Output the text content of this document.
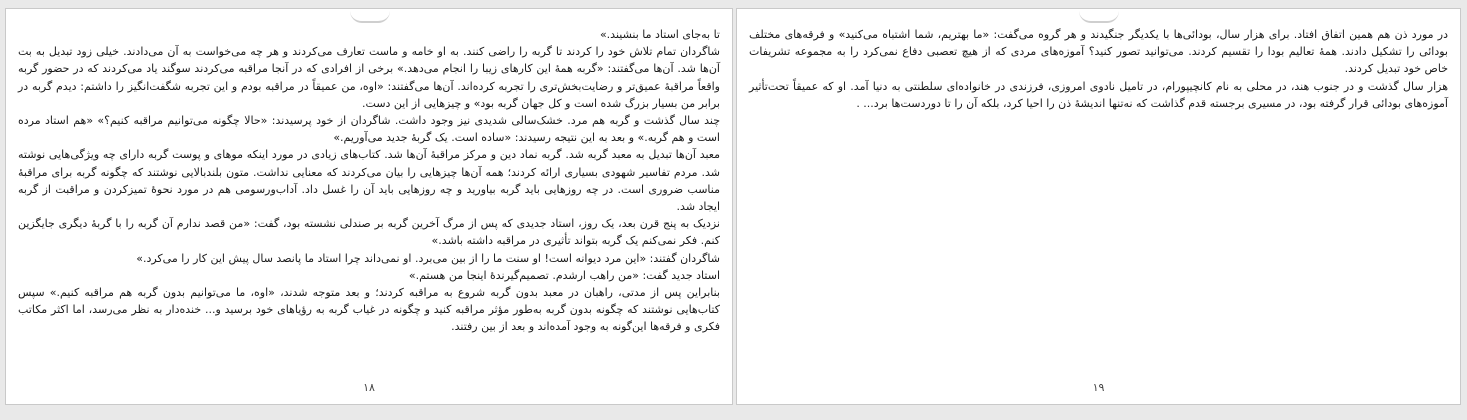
تا به‌جای استاد ما بنشیند.»

شاگردان تمام تلاش خود را کردند تا گربه را راضی کنند. به او خامه و ماست تعارف می‌کردند و هر چه می‌خواست به آن می‌دادند. خیلی زود تبدیل به بت آن‌ها شد. آن‌ها می‌گفتند: «گربه همهٔ این کارهای زیبا را انجام می‌دهد.» برخی از افرادی که در آنجا مراقبه می‌کردند سوگند یاد می‌کردند که در حضور گربه واقعاً مراقبهٔ عمیق‌تر و رضایت‌بخش‌تری را تجربه کرده‌اند. آن‌ها می‌گفتند: «اوه، من عمیقاً در مراقبه بودم و این تجربه شگفت‌انگیز را داشتم: دیدم گربه در برابر من بسیار بزرگ شده است و کل جهان گربه بود» و چیزهایی از این دست.

چند سال گذشت و گربه هم مرد. خشک‌سالی شدیدی نیز وجود داشت. شاگردان از خود پرسیدند: «حالا چگونه می‌توانیم مراقبه کنیم؟» «هم استاد مرده است و هم گربه.» و بعد به این نتیجه رسیدند: «ساده است. یک گربهٔ جدید می‌آوریم.»

معبد آن‌ها تبدیل به معبد گربه شد. گربه نماد دین و مرکز مراقبهٔ آن‌ها شد. کتاب‌های زیادی در مورد اینکه موهای و پوست گربه دارای چه ویژگی‌هایی نوشته شد. مردم تفاسیر شهودی بسیاری ارائه کردند؛ همه آن‌ها چیزهایی را بیان می‌کردند که معنایی نداشت. متون بلندبالایی نوشتند که چگونه گربه برای مراقبهٔ مناسب ضروری است. در چه روزهایی باید گربه بیاورید و چه روزهایی باید آن را غسل داد. آداب‌ورسومی هم در مورد نحوهٔ تمیزکردن و مراقبت از گربه ایجاد شد.

نزدیک به پنج قرن بعد، یک روز، استاد جدیدی که پس از مرگ آخرین گربه بر صندلی نشسته بود، گفت: «من قصد ندارم آن گربه را با گربهٔ دیگری جایگزین کنم. فکر نمی‌کنم یک گربه بتواند تأثیری در مراقبه داشته باشد.»

شاگردان گفتند: «این مرد دیوانه است! او سنت ما را از بین می‌برد. او نمی‌داند چرا استاد ما پانصد سال پیش این کار را می‌کرد.»

استاد جدید گفت: «من راهب ارشدم. تصمیم‌گیرندهٔ اینجا من هستم.»

بنابراین پس از مدتی، راهبان در معبد بدون گربه شروع به مراقبه کردند؛ و بعد متوجه شدند، «اوه، ما می‌توانیم بدون گربه هم مراقبه کنیم.» سپس کتاب‌هایی نوشتند که چگونه بدون گربه به‌طور مؤثر مراقبه کنید و چگونه در غیاب گربه به رؤیاهای خود برسید و... خنده‌دار به نظر می‌رسد، اما اکثر مکاتب فکری و فرقه‌ها این‌گونه به وجود آمده‌اند و بعد از بین رفتند.

۱۸

در مورد ذن هم همین اتفاق افتاد. برای هزار سال، بودائی‌ها با یکدیگر جنگیدند و هر گروه می‌گفت: «ما بهتریم، شما اشتباه می‌کنید» و فرقه‌های مختلف بودائی را تشکیل دادند. همهٔ تعالیم بودا را تقسیم کردند. می‌توانید تصور کنید؟ آموزه‌های مردی که از هیچ تعصبی دفاع نمی‌کرد را به مجموعه تشریفات خاص خود تبدیل کردند.

هزار سال گذشت و در جنوب هند، در محلی به نام کانچیپورام، در تامیل نادوی امروزی، فرزندی در خانواده‌ای سلطنتی به دنیا آمد. او که عمیقاً تحت‌تأثیر آموزه‌های بودائی قرار گرفته بود، در مسیری برجسته قدم گذاشت که نه‌تنها اندیشهٔ ذن را احیا کرد، بلکه آن را تا دوردست‌ها برد... .

۱۹
